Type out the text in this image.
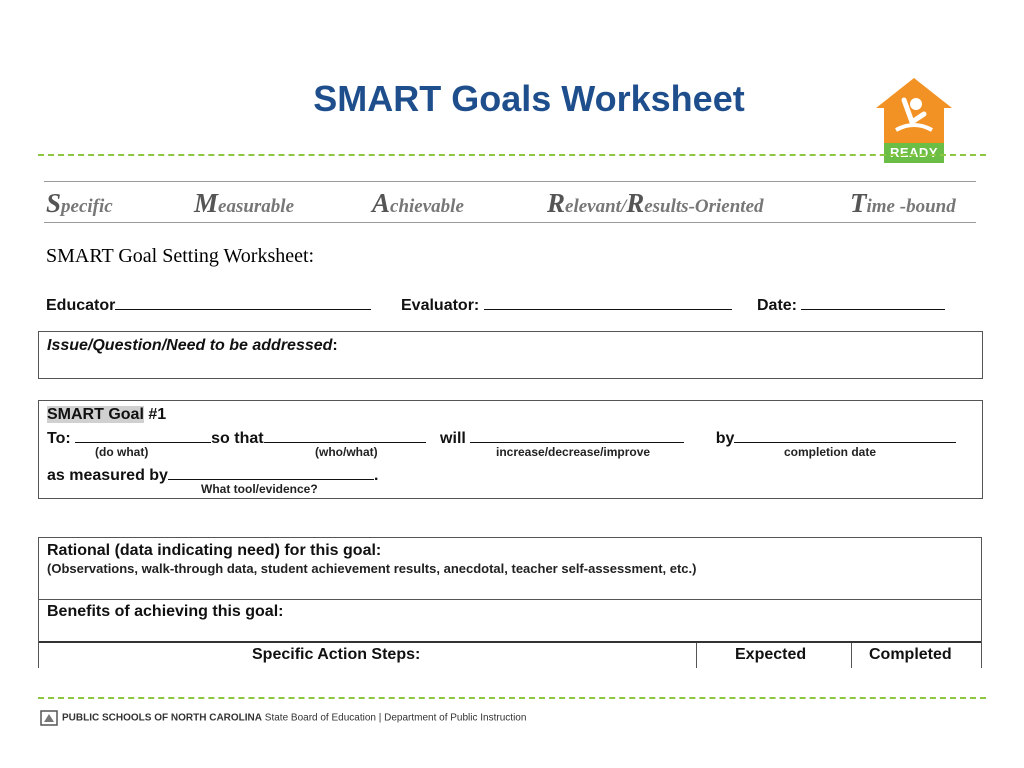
SMART Goals Worksheet
READY
Specific	Measurable	Achievable	Relevant/Results-Oriented	Time -bound
SMART Goal Setting Worksheet:
Educator	Evaluator:	Date:
Issue/Question/Need to be addressed:
SMART Goal #1
To:	so that	will	by
(do what)	(who/what)	increase/decrease/improve	completion date
as measured by	.
What tool/evidence?
Rational (data indicating need) for this goal:
(Observations, walk-through data, student achievement results, anecdotal, teacher self-assessment, etc.)
Benefits of achieving this goal:
Specific Action Steps:	Expected	Completed
PUBLIC SCHOOLS OF NORTH CAROLINA State Board of Education | Department of Public Instruction
